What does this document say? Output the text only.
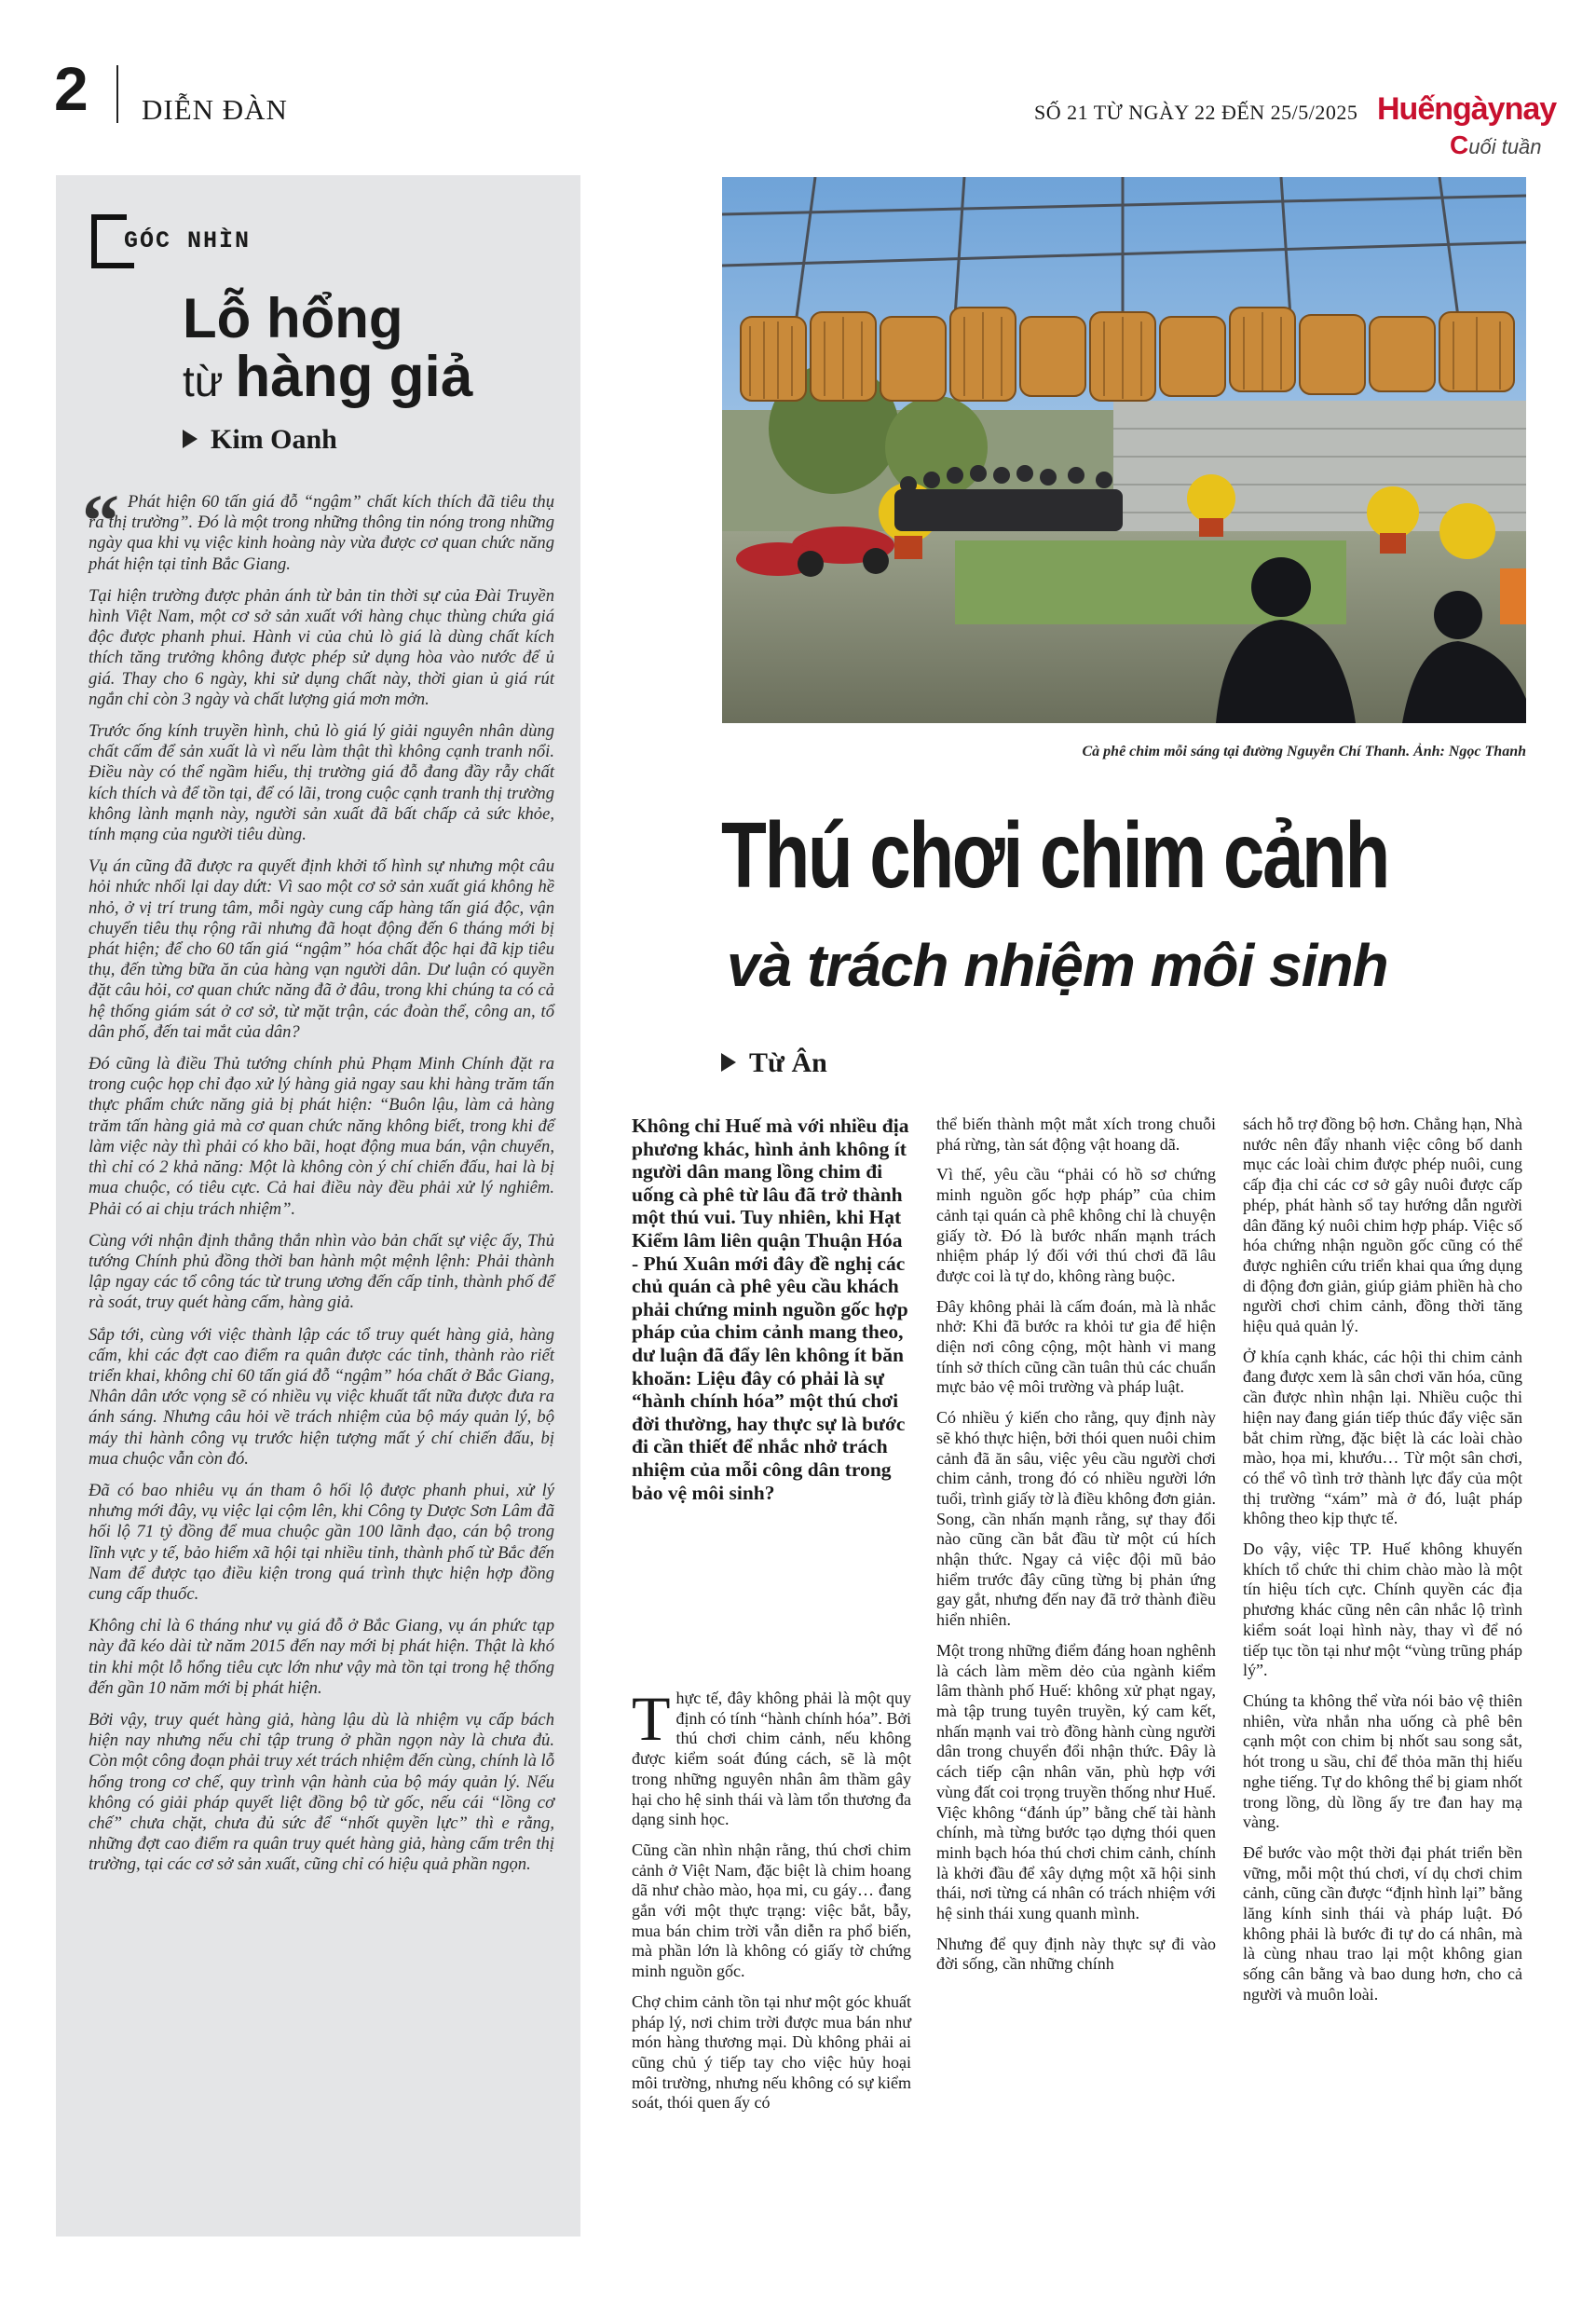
2 DIỄN ĐÀN	SỐ 21 TỪ NGÀY 22 ĐẾN 25/5/2025 Huếngàynay
Cuối tuần
GÓC NHÌN
Lỗ hổng
từ hàng giả
Kim Oanh
“ Phát hiện 60 tấn giá đỗ “ngậm” chất kích thích đã tiêu thụ ra thị trường”. Đó là một trong những thông tin nóng trong những ngày qua khi vụ việc kinh hoàng này vừa được cơ quan chức năng phát hiện tại tỉnh Bắc Giang.

Tại hiện trường được phản ánh từ bản tin thời sự của Đài Truyền hình Việt Nam, một cơ sở sản xuất với hàng chục thùng chứa giá độc được phanh phui. Hành vi của chủ lò giá là dùng chất kích thích tăng trưởng không được phép sử dụng hòa vào nước để ủ giá. Thay cho 6 ngày, khi sử dụng chất này, thời gian ủ giá rút ngắn chỉ còn 3 ngày và chất lượng giá mơn mởn.

Trước ống kính truyền hình, chủ lò giá lý giải nguyên nhân dùng chất cấm để sản xuất là vì nếu làm thật thì không cạnh tranh nổi. Điều này có thể ngầm hiểu, thị trường giá đỗ đang đầy rẫy chất kích thích và để tồn tại, để có lãi, trong cuộc cạnh tranh thị trường không lành mạnh này, người sản xuất đã bất chấp cả sức khỏe, tính mạng của người tiêu dùng.

Vụ án cũng đã được ra quyết định khởi tố hình sự nhưng một câu hỏi nhức nhối lại day dứt: Vì sao một cơ sở sản xuất giá không hề nhỏ, ở vị trí trung tâm, mỗi ngày cung cấp hàng tấn giá độc, vận chuyển tiêu thụ rộng rãi nhưng đã hoạt động đến 6 tháng mới bị phát hiện; để cho 60 tấn giá “ngậm” hóa chất độc hại đã kịp tiêu thụ, đến từng bữa ăn của hàng vạn người dân. Dư luận có quyền đặt câu hỏi, cơ quan chức năng đã ở đâu, trong khi chúng ta có cả hệ thống giám sát ở cơ sở, từ mặt trận, các đoàn thể, công an, tổ dân phố, đến tai mắt của dân?

Đó cũng là điều Thủ tướng chính phủ Phạm Minh Chính đặt ra trong cuộc họp chỉ đạo xử lý hàng giả ngay sau khi hàng trăm tấn thực phẩm chức năng giả bị phát hiện: “Buôn lậu, làm cả hàng trăm tấn hàng giả mà cơ quan chức năng không biết, trong khi để làm việc này thì phải có kho bãi, hoạt động mua bán, vận chuyển, thì chỉ có 2 khả năng: Một là không còn ý chí chiến đấu, hai là bị mua chuộc, có tiêu cực. Cả hai điều này đều phải xử lý nghiêm. Phải có ai chịu trách nhiệm”.

Cùng với nhận định thẳng thắn nhìn vào bản chất sự việc ấy, Thủ tướng Chính phủ đồng thời ban hành một mệnh lệnh: Phải thành lập ngay các tổ công tác từ trung ương đến cấp tỉnh, thành phố để rà soát, truy quét hàng cấm, hàng giả.

Sắp tới, cùng với việc thành lập các tổ truy quét hàng giả, hàng cấm, khi các đợt cao điểm ra quân được các tỉnh, thành rào riết triển khai, không chỉ 60 tấn giá đỗ “ngậm” hóa chất ở Bắc Giang, Nhân dân ước vọng sẽ có nhiều vụ việc khuất tất nữa được đưa ra ánh sáng. Nhưng câu hỏi về trách nhiệm của bộ máy quản lý, bộ máy thi hành công vụ trước hiện tượng mất ý chí chiến đấu, bị mua chuộc vẫn còn đó.

Đã có bao nhiêu vụ án tham ô hối lộ được phanh phui, xử lý nhưng mới đây, vụ việc lại cộm lên, khi Công ty Dược Sơn Lâm đã hối lộ 71 tỷ đồng để mua chuộc gần 100 lãnh đạo, cán bộ trong lĩnh vực y tế, bảo hiểm xã hội tại nhiều tỉnh, thành phố từ Bắc đến Nam để được tạo điều kiện trong quá trình thực hiện hợp đồng cung cấp thuốc.

Không chỉ là 6 tháng như vụ giá đỗ ở Bắc Giang, vụ án phức tạp này đã kéo dài từ năm 2015 đến nay mới bị phát hiện. Thật là khó tin khi một lỗ hổng tiêu cực lớn như vậy mà tồn tại trong hệ thống đến gần 10 năm mới bị phát hiện.

Bởi vậy, truy quét hàng giả, hàng lậu dù là nhiệm vụ cấp bách hiện nay nhưng nếu chỉ tập trung ở phần ngọn này là chưa đủ. Còn một công đoạn phải truy xét trách nhiệm đến cùng, chính là lỗ hổng trong cơ chế, quy trình vận hành của bộ máy quản lý. Nếu không có giải pháp quyết liệt đồng bộ từ gốc, nếu cái “lồng cơ chế” chưa chặt, chưa đủ sức để “nhốt quyền lực” thì e rằng, những đợt cao điểm ra quân truy quét hàng giả, hàng cấm trên thị trường, tại các cơ sở sản xuất, cũng chỉ có hiệu quả phần ngọn.

Cà phê chim mỗi sáng tại đường Nguyễn Chí Thanh. Ảnh: Ngọc Thanh
Thú chơi chim cảnh
và trách nhiệm môi sinh
Từ Ân
Không chỉ Huế mà với nhiều địa phương khác, hình ảnh không ít người dân mang lồng chim đi uống cà phê từ lâu đã trở thành một thú vui. Tuy nhiên, khi Hạt Kiểm lâm liên quận Thuận Hóa - Phú Xuân mới đây đề nghị các chủ quán cà phê yêu cầu khách phải chứng minh nguồn gốc hợp pháp của chim cảnh mang theo, dư luận đã đẩy lên không ít băn khoăn: Liệu đây có phải là sự “hành chính hóa” một thú chơi đời thường, hay thực sự là bước đi cần thiết để nhắc nhở trách nhiệm của mỗi công dân trong bảo vệ môi sinh?

Thực tế, đây không phải là một quy định có tính “hành chính hóa”. Bởi thú chơi chim cảnh, nếu không được kiểm soát đúng cách, sẽ là một trong những nguyên nhân âm thầm gây hại cho hệ sinh thái và làm tổn thương đa dạng sinh học.

Cũng cần nhìn nhận rằng, thú chơi chim cảnh ở Việt Nam, đặc biệt là chim hoang dã như chào mào, họa mi, cu gáy… đang gắn với một thực trạng: việc bắt, bẫy, mua bán chim trời vẫn diễn ra phổ biến, mà phần lớn là không có giấy tờ chứng minh nguồn gốc.

Chợ chim cảnh tồn tại như một góc khuất pháp lý, nơi chim trời được mua bán như món hàng thương mại. Dù không phải ai cũng chủ ý tiếp tay cho việc hủy hoại môi trường, nhưng nếu không có sự kiểm soát, thói quen ấy có

thể biến thành một mắt xích trong chuỗi phá rừng, tàn sát động vật hoang dã.

Vì thế, yêu cầu “phải có hồ sơ chứng minh nguồn gốc hợp pháp” của chim cảnh tại quán cà phê không chỉ là chuyện giấy tờ. Đó là bước nhấn mạnh trách nhiệm pháp lý đối với thú chơi đã lâu được coi là tự do, không ràng buộc.

Đây không phải là cấm đoán, mà là nhắc nhở: Khi đã bước ra khỏi tư gia để hiện diện nơi công cộng, một hành vi mang tính sở thích cũng cần tuân thủ các chuẩn mực bảo vệ môi trường và pháp luật.

Có nhiều ý kiến cho rằng, quy định này sẽ khó thực hiện, bởi thói quen nuôi chim cảnh đã ăn sâu, việc yêu cầu người chơi chim cảnh, trong đó có nhiều người lớn tuổi, trình giấy tờ là điều không đơn giản. Song, cần nhấn mạnh rằng, sự thay đổi nào cũng cần bắt đầu từ một cú hích nhận thức. Ngay cả việc đội mũ bảo hiểm trước đây cũng từng bị phản ứng gay gắt, nhưng đến nay đã trở thành điều hiển nhiên.

Một trong những điểm đáng hoan nghênh là cách làm mềm dẻo của ngành kiểm lâm thành phố Huế: không xử phạt ngay, mà tập trung tuyên truyền, ký cam kết, nhấn mạnh vai trò đồng hành cùng người dân trong chuyển đổi nhận thức. Đây là cách tiếp cận nhân văn, phù hợp với vùng đất coi trọng truyền thống như Huế. Việc không “đánh úp” bằng chế tài hành chính, mà từng bước tạo dựng thói quen minh bạch hóa thú chơi chim cảnh, chính là khởi đầu để xây dựng một xã hội sinh thái, nơi từng cá nhân có trách nhiệm với hệ sinh thái xung quanh mình.

Nhưng để quy định này thực sự đi vào đời sống, cần những chính

sách hỗ trợ đồng bộ hơn. Chẳng hạn, Nhà nước nên đẩy nhanh việc công bố danh mục các loài chim được phép nuôi, cung cấp địa chỉ các cơ sở gây nuôi được cấp phép, phát hành sổ tay hướng dẫn người dân đăng ký nuôi chim hợp pháp. Việc số hóa chứng nhận nguồn gốc cũng có thể được nghiên cứu triển khai qua ứng dụng di động đơn giản, giúp giảm phiền hà cho người chơi chim cảnh, đồng thời tăng hiệu quả quản lý.

Ở khía cạnh khác, các hội thi chim cảnh đang được xem là sân chơi văn hóa, cũng cần được nhìn nhận lại. Nhiều cuộc thi hiện nay đang gián tiếp thúc đẩy việc săn bắt chim rừng, đặc biệt là các loài chào mào, họa mi, khướu… Từ một sân chơi, có thể vô tình trở thành lực đẩy của một thị trường “xám” mà ở đó, luật pháp không theo kịp thực tế.

Do vậy, việc TP. Huế không khuyến khích tổ chức thi chim chào mào là một tín hiệu tích cực. Chính quyền các địa phương khác cũng nên cân nhắc lộ trình kiểm soát loại hình này, thay vì để nó tiếp tục tồn tại như một “vùng trũng pháp lý”.

Chúng ta không thể vừa nói bảo vệ thiên nhiên, vừa nhắn nha uống cà phê bên cạnh một con chim bị nhốt sau song sắt, hót trong u sầu, chỉ để thỏa mãn thị hiếu nghe tiếng. Tự do không thể bị giam nhốt trong lồng, dù lồng ấy tre đan hay mạ vàng.

Để bước vào một thời đại phát triển bền vững, mỗi một thú chơi, ví dụ chơi chim cảnh, cũng cần được “định hình lại” bằng lăng kính sinh thái và pháp luật. Đó không phải là bước đi tự do cá nhân, mà là cùng nhau trao lại một không gian sống cân bằng và bao dung hơn, cho cả người và muôn loài.
